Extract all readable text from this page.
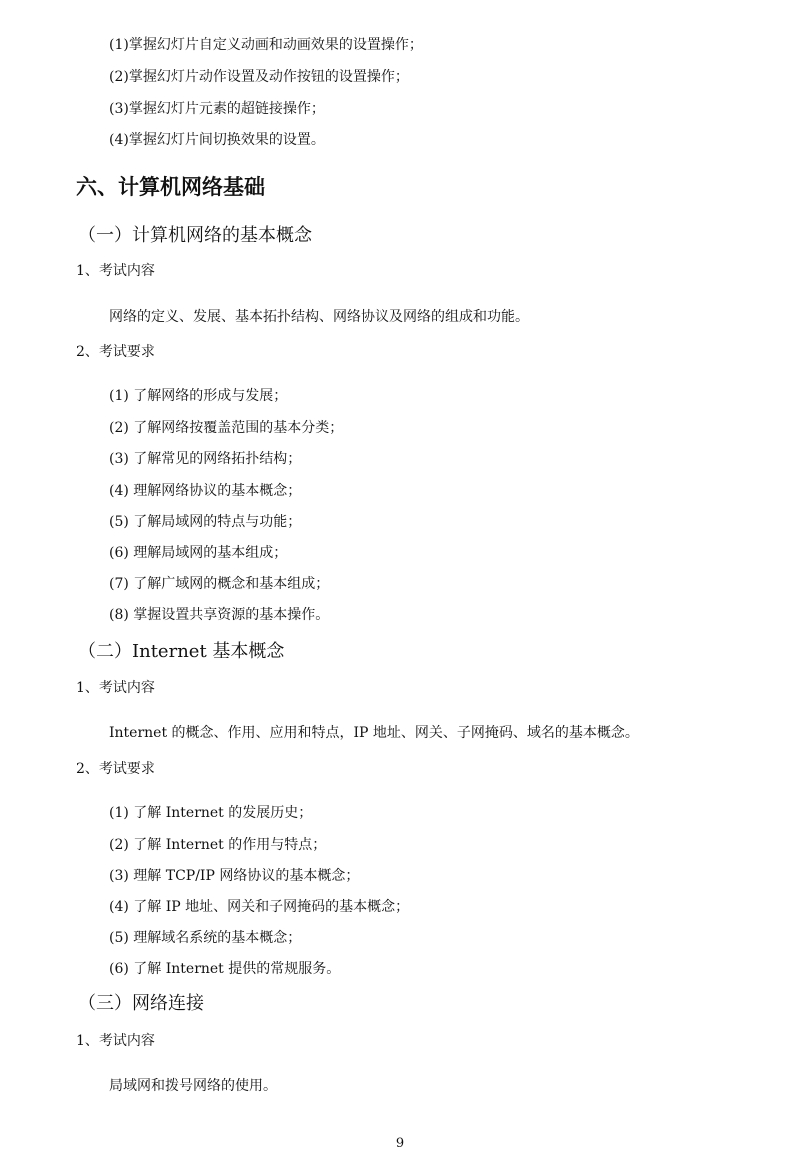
(1)掌握幻灯片自定义动画和动画效果的设置操作；
(2)掌握幻灯片动作设置及动作按钮的设置操作；
(3)掌握幻灯片元素的超链接操作；
(4)掌握幻灯片间切换效果的设置。
六、计算机网络基础
（一）计算机网络的基本概念
1、考试内容
网络的定义、发展、基本拓扑结构、网络协议及网络的组成和功能。
2、考试要求
(1) 了解网络的形成与发展；
(2) 了解网络按覆盖范围的基本分类；
(3) 了解常见的网络拓扑结构；
(4) 理解网络协议的基本概念；
(5) 了解局域网的特点与功能；
(6) 理解局域网的基本组成；
(7) 了解广域网的概念和基本组成；
(8) 掌握设置共享资源的基本操作。
（二）Internet 基本概念
1、考试内容
Internet 的概念、作用、应用和特点，IP 地址、网关、子网掩码、域名的基本概念。
2、考试要求
(1) 了解 Internet 的发展历史；
(2) 了解 Internet 的作用与特点；
(3) 理解 TCP/IP 网络协议的基本概念；
(4) 了解 IP 地址、网关和子网掩码的基本概念；
(5) 理解域名系统的基本概念；
(6) 了解 Internet 提供的常规服务。
（三）网络连接
1、考试内容
局域网和拨号网络的使用。
9
